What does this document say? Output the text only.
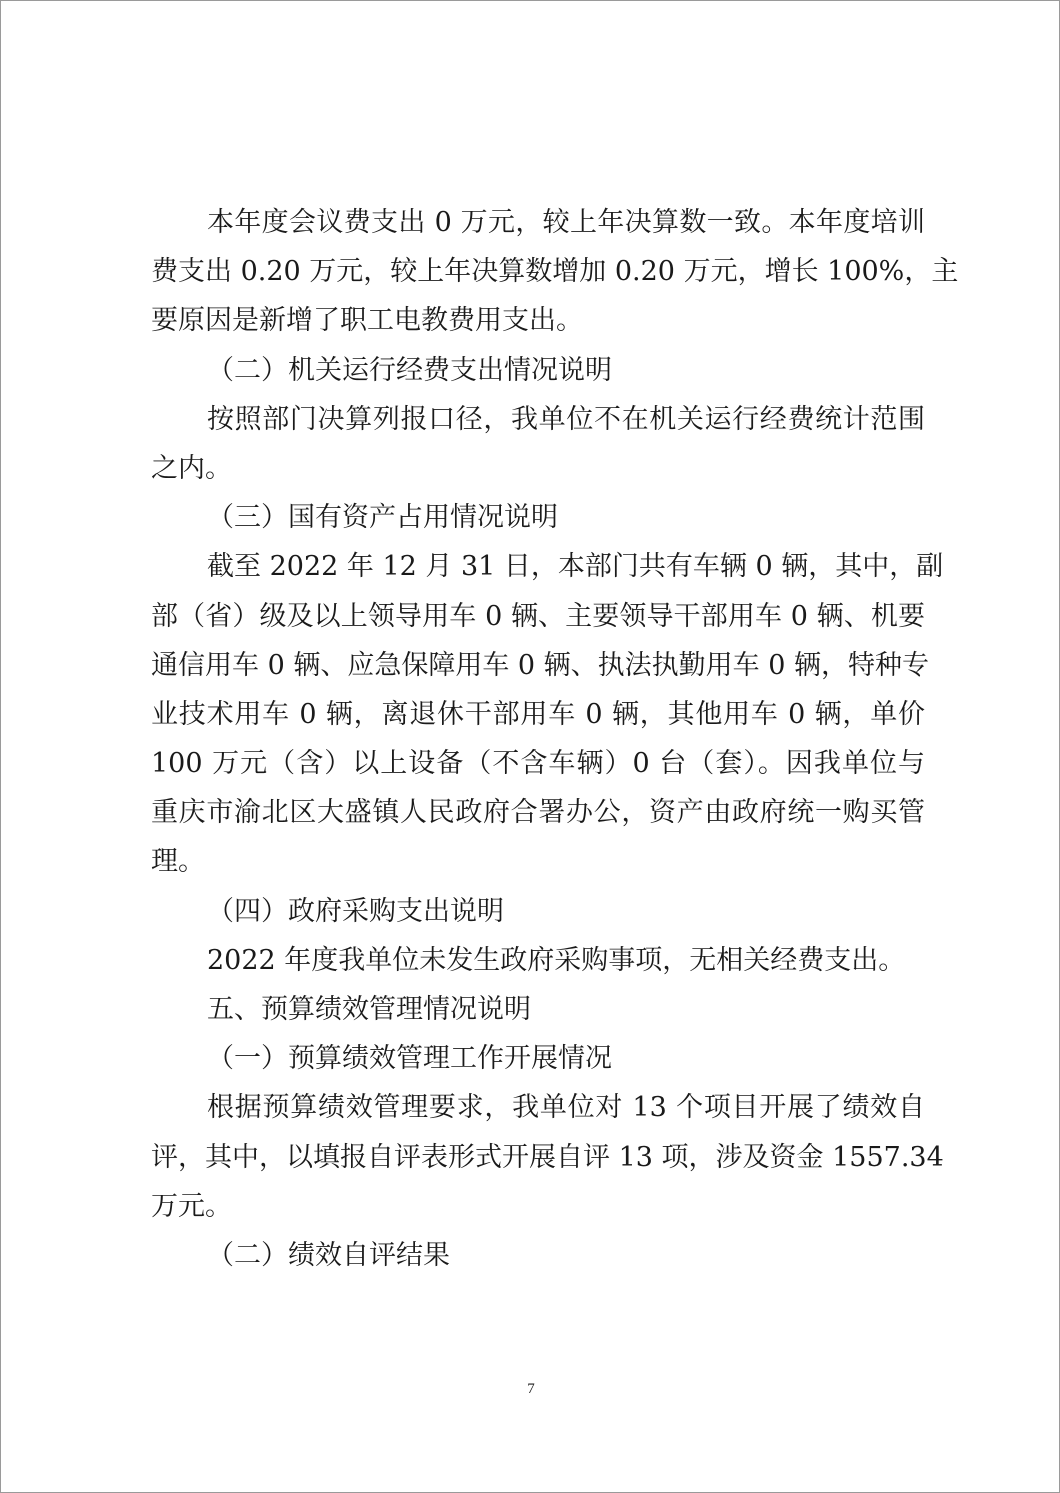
本年度会议费支出 0 万元，较上年决算数一致。本年度培训
费支出 0.20 万元，较上年决算数增加 0.20 万元，增长 100%，主
要原因是新增了职工电教费用支出。
（二）机关运行经费支出情况说明
按照部门决算列报口径，我单位不在机关运行经费统计范围
之内。
（三）国有资产占用情况说明
截至 2022 年 12 月 31 日，本部门共有车辆 0 辆，其中，副
部（省）级及以上领导用车 0 辆、主要领导干部用车 0 辆、机要
通信用车 0 辆、应急保障用车 0 辆、执法执勤用车 0 辆，特种专
业技术用车 0 辆，离退休干部用车 0 辆，其他用车 0 辆，单价
100 万元（含）以上设备（不含车辆）0 台（套）。因我单位与
重庆市渝北区大盛镇人民政府合署办公，资产由政府统一购买管
理。
（四）政府采购支出说明
2022 年度我单位未发生政府采购事项，无相关经费支出。
五、预算绩效管理情况说明
（一）预算绩效管理工作开展情况
根据预算绩效管理要求，我单位对 13 个项目开展了绩效自
评，其中，以填报自评表形式开展自评 13 项，涉及资金 1557.34
万元。
（二）绩效自评结果
7
